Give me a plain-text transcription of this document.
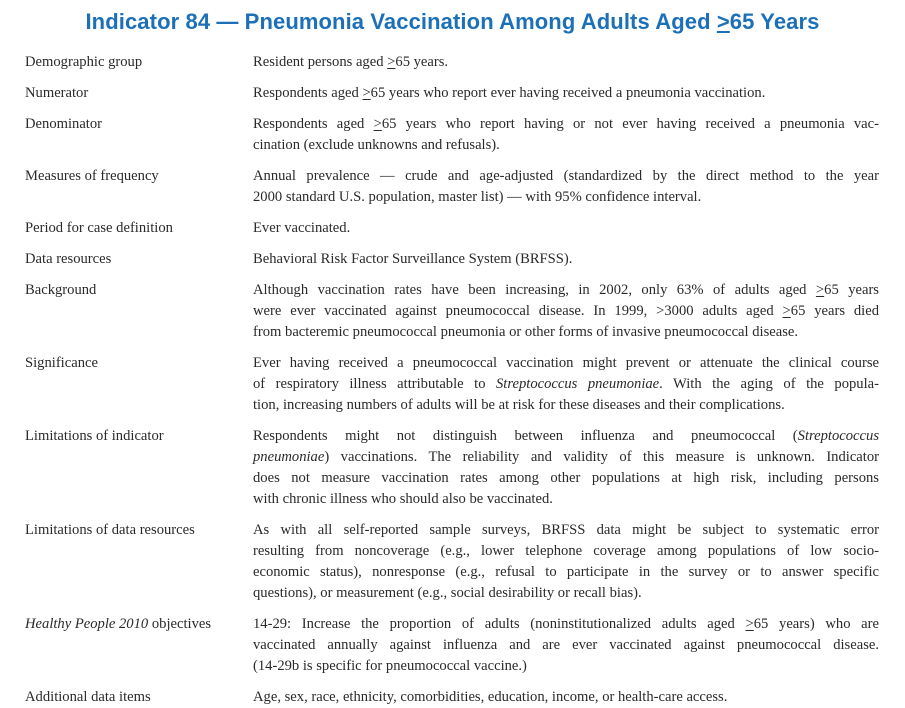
Indicator 84 — Pneumonia Vaccination Among Adults Aged ≥65 Years
Demographic group	Resident persons aged ≥65 years.
Numerator	Respondents aged ≥65 years who report ever having received a pneumonia vaccination.
Denominator	Respondents aged ≥65 years who report having or not ever having received a pneumonia vac-
cination (exclude unknowns and refusals).
Measures of frequency	Annual prevalence — crude and age-adjusted (standardized by the direct method to the year
2000 standard U.S. population, master list) — with 95% confidence interval.
Period for case definition	Ever vaccinated.
Data resources	Behavioral Risk Factor Surveillance System (BRFSS).
Background	Although vaccination rates have been increasing, in 2002, only 63% of adults aged ≥65 years
were ever vaccinated against pneumococcal disease. In 1999, >3000 adults aged ≥65 years died
from bacteremic pneumococcal pneumonia or other forms of invasive pneumococcal disease.
Significance	Ever having received a pneumococcal vaccination might prevent or attenuate the clinical course
of respiratory illness attributable to Streptococcus pneumoniae. With the aging of the popula-
tion, increasing numbers of adults will be at risk for these diseases and their complications.
Limitations of indicator	Respondents might not distinguish between influenza and pneumococcal (Streptococcus
pneumoniae) vaccinations. The reliability and validity of this measure is unknown. Indicator
does not measure vaccination rates among other populations at high risk, including persons
with chronic illness who should also be vaccinated.
Limitations of data resources	As with all self-reported sample surveys, BRFSS data might be subject to systematic error
resulting from noncoverage (e.g., lower telephone coverage among populations of low socio-
economic status), nonresponse (e.g., refusal to participate in the survey or to answer specific
questions), or measurement (e.g., social desirability or recall bias).
Healthy People 2010 objectives	14-29: Increase the proportion of adults (noninstitutionalized adults aged ≥65 years) who are
vaccinated annually against influenza and are ever vaccinated against pneumococcal disease.
(14-29b is specific for pneumococcal vaccine.)
Additional data items	Age, sex, race, ethnicity, comorbidities, education, income, or health-care access.
